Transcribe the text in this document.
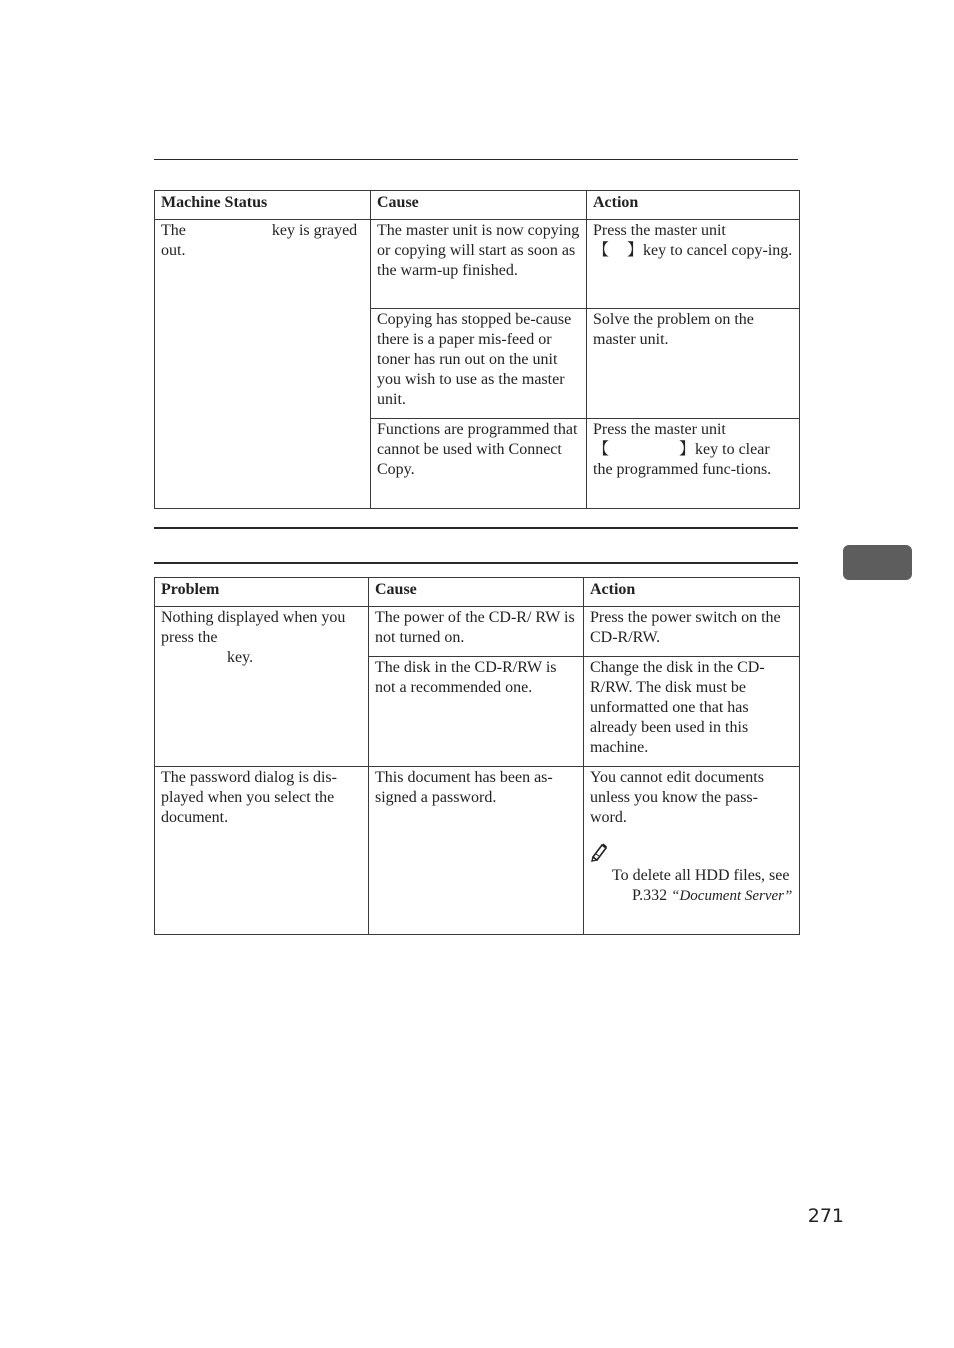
Machine Status	Cause	Action
The key is grayed out.	The master unit is now copying or copying will start as soon as the warm-up finished.	Press the master unit
【 】key to cancel copy-ing.
	Copying has stopped be-cause there is a paper mis-feed or toner has run out on the unit you wish to use as the master unit.	Solve the problem on the master unit.
	Functions are programmed that cannot be used with Connect Copy.	Press the master unit
【 】key to clear the programmed func-tions.
Problem	Cause	Action
Nothing displayed when you press the
key.	The power of the CD-R/ RW is not turned on.	Press the power switch on the CD-R/RW.
	The disk in the CD-R/RW is not a recommended one.	Change the disk in the CD-R/RW. The disk must be unformatted one that has already been used in this machine.
The password dialog is dis-played when you select the document.	This document has been as-signed a password.	You cannot edit documents unless you know the pass-word.
To delete all HDD files, seeP.332 “Document Server”
271
